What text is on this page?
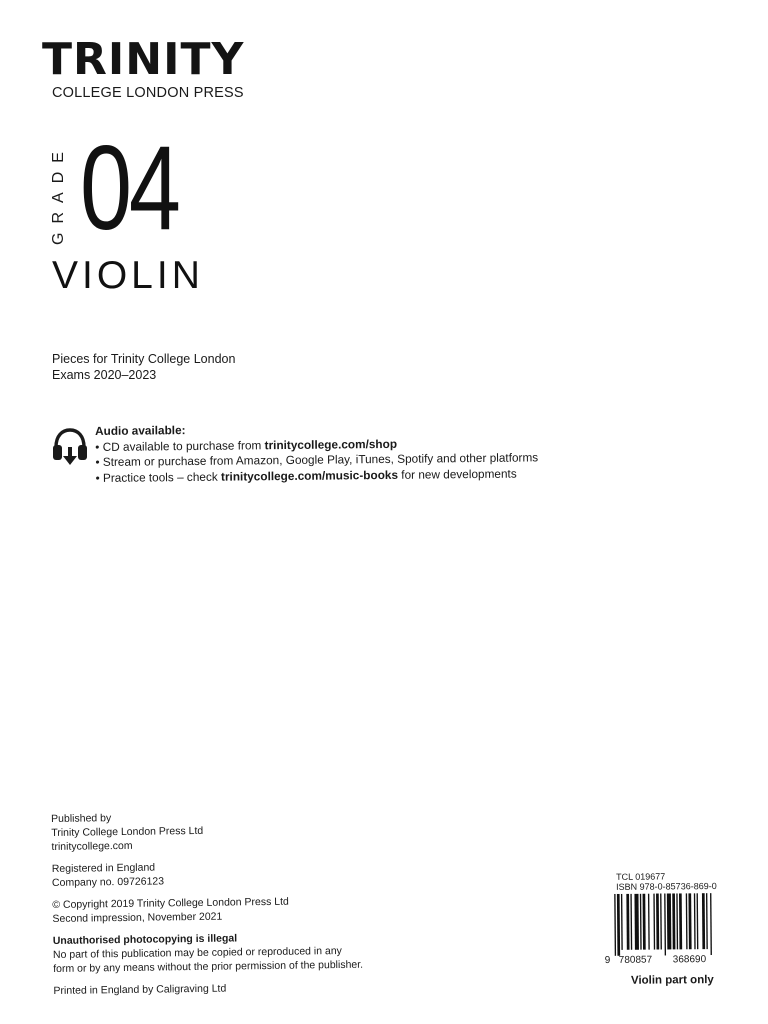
TRINITY
COLLEGE LONDON PRESS
GRADE 04
VIOLIN
Pieces for Trinity College London
Exams 2020–2023
Audio available:
• CD available to purchase from trinitycollege.com/shop
• Stream or purchase from Amazon, Google Play, iTunes, Spotify and other platforms
• Practice tools – check trinitycollege.com/music-books for new developments

Published by
Trinity College London Press Ltd
trinitycollege.com

Registered in England
Company no. 09726123

© Copyright 2019 Trinity College London Press Ltd
Second impression, November 2021

Unauthorised photocopying is illegal
No part of this publication may be copied or reproduced in any
form or by any means without the prior permission of the publisher.

Printed in England by Caligraving Ltd

TCL 019677
ISBN 978-0-85736-869-0
9 780857 368690
Violin part only
